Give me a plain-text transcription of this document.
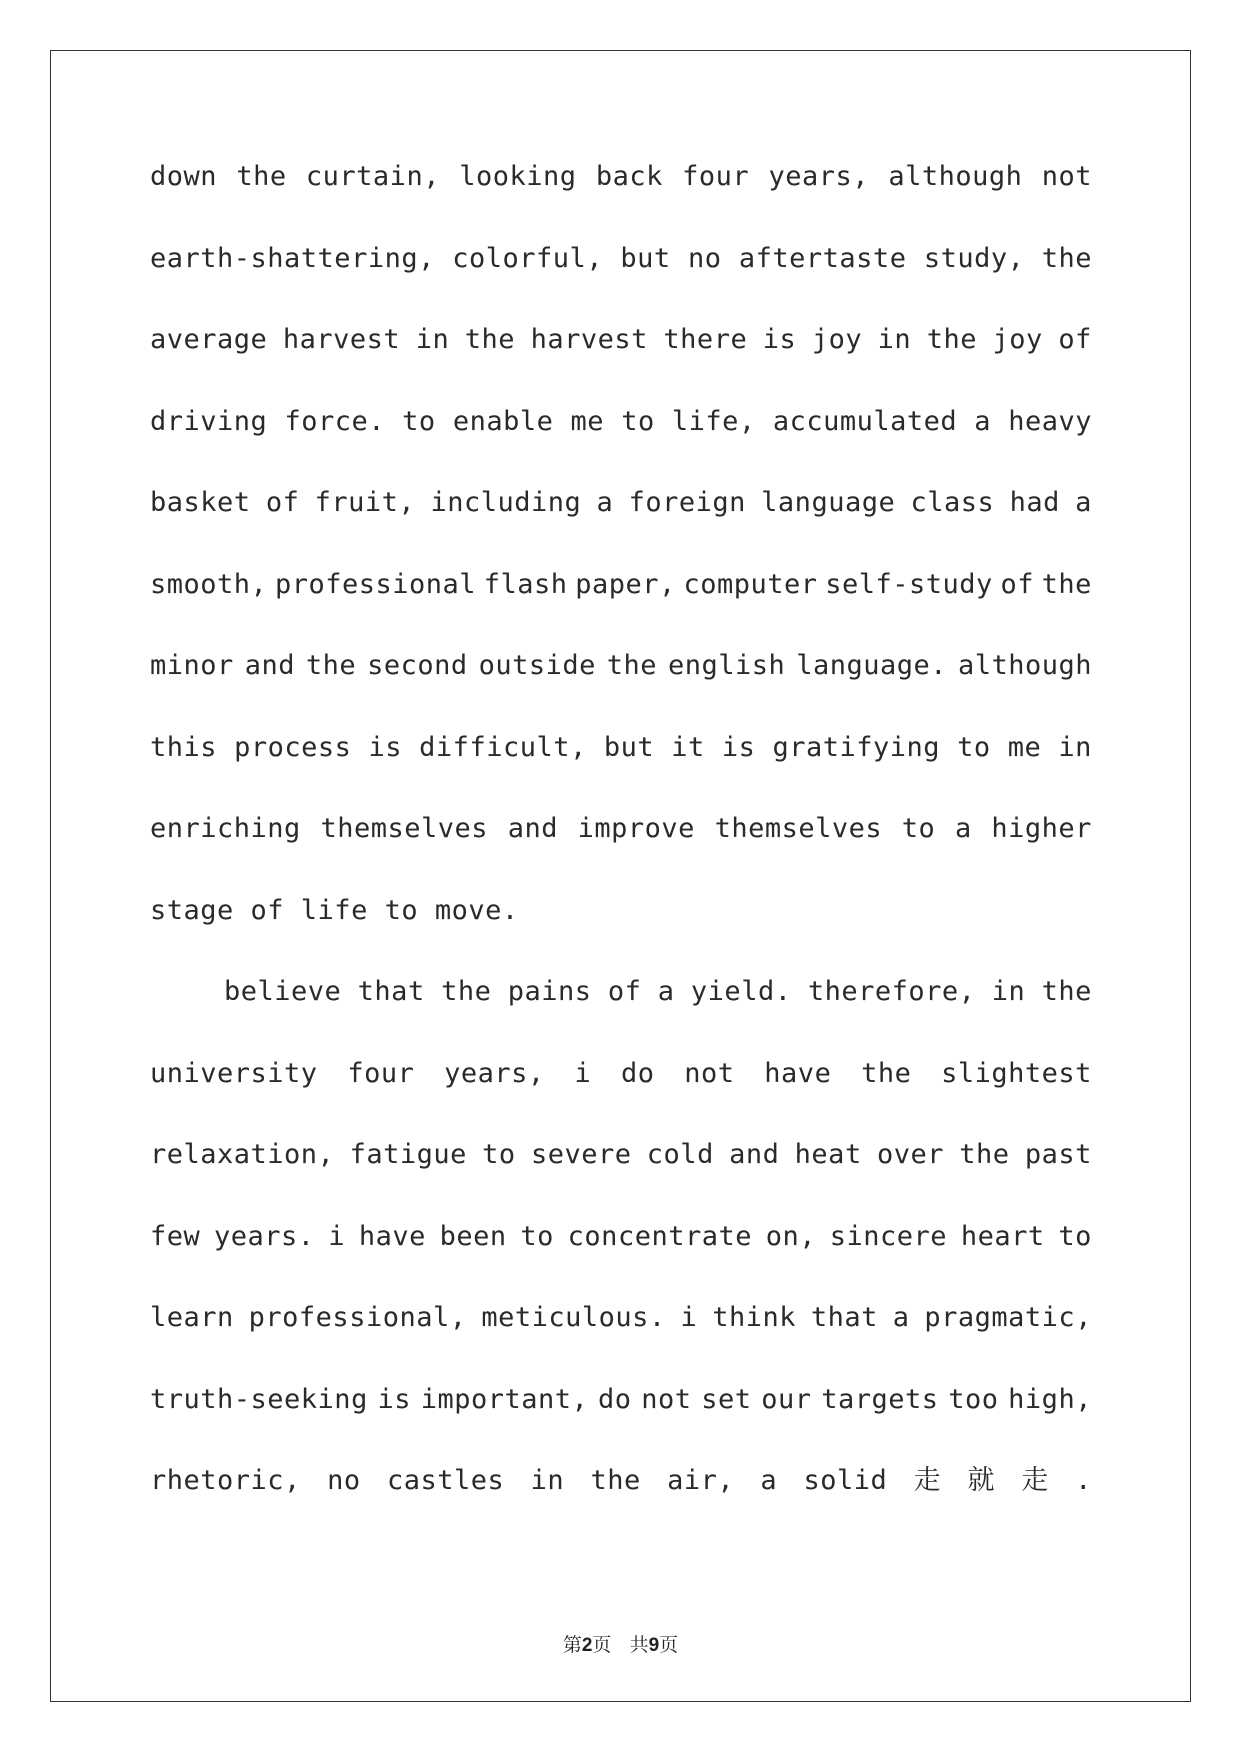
down the curtain, looking back four years, although not
earth-shattering, colorful, but no aftertaste study, the
average harvest in the harvest there is joy in the joy of
driving force. to enable me to life, accumulated a heavy
basket of fruit, including a foreign language class had a
smooth, professional flash paper, computer self-study of the
minor and the second outside the english language. although
this process is difficult, but it is gratifying to me in
enriching themselves and improve themselves to a higher
stage of life to move.
believe that the pains of a yield. therefore, in the
university four years, i do not have the slightest
relaxation, fatigue to severe cold and heat over the past
few years. i have been to concentrate on, sincere heart to
learn professional, meticulous. i think that a pragmatic,
truth-seeking is important, do not set our targets too high,
rhetoric, no castles in the air, a solid 走 就 走 .
第2页 共9页
